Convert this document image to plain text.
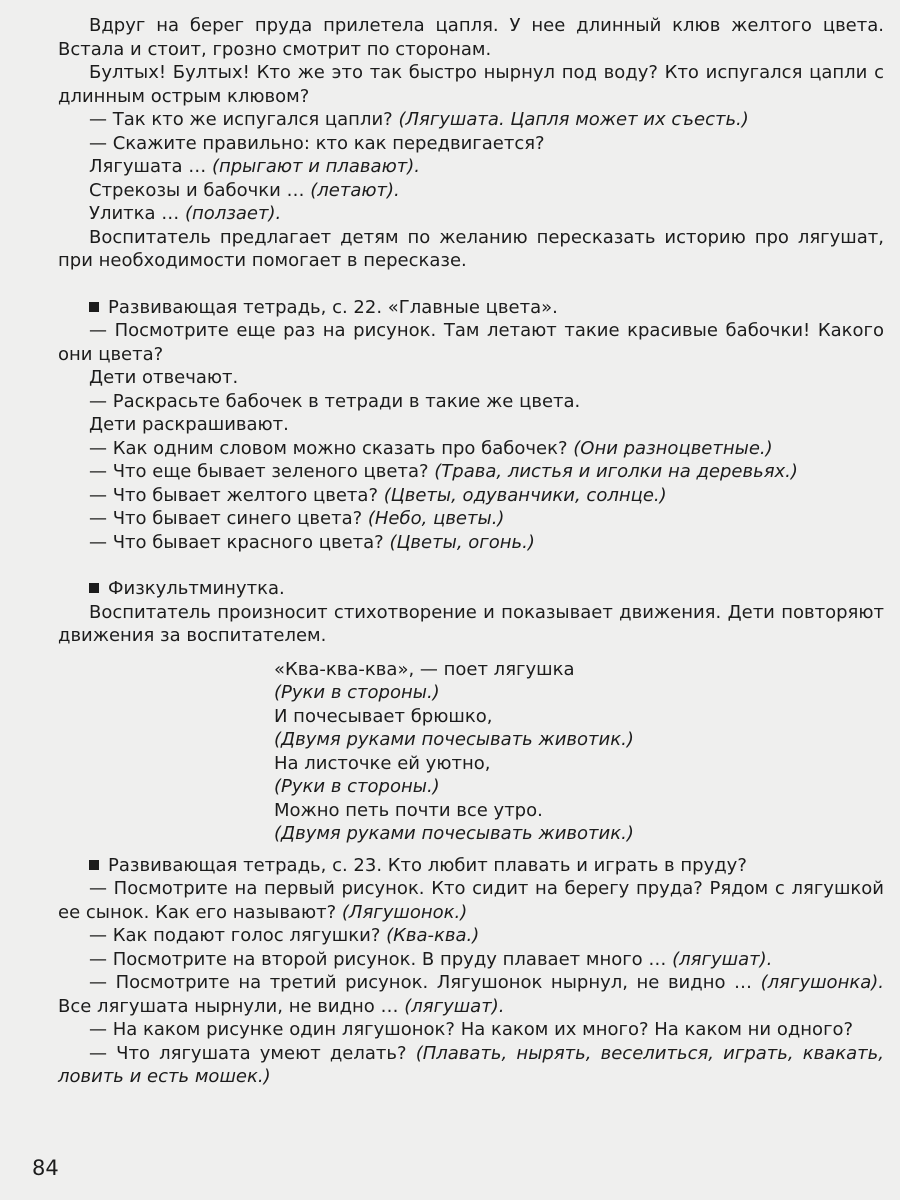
Вдруг на берег пруда прилетела цапля. У нее длинный клюв желтого цвета. Встала и стоит, грозно смотрит по сторонам.

Бултых! Бултых! Кто же это так быстро нырнул под воду? Кто испугался цапли с длинным острым клювом?

— Так кто же испугался цапли? (Лягушата. Цапля может их съесть.)

— Скажите правильно: кто как передвигается?

Лягушата … (прыгают и плавают).

Стрекозы и бабочки … (летают).

Улитка … (ползает).

Воспитатель предлагает детям по желанию пересказать историю про лягушат, при необходимости помогает в пересказе.

Развивающая тетрадь, с. 22. «Главные цвета».

— Посмотрите еще раз на рисунок. Там летают такие красивые бабочки! Какого они цвета?

Дети отвечают.

— Раскрасьте бабочек в тетради в такие же цвета.

Дети раскрашивают.

— Как одним словом можно сказать про бабочек? (Они разноцветные.)

— Что еще бывает зеленого цвета? (Трава, листья и иголки на деревьях.)

— Что бывает желтого цвета? (Цветы, одуванчики, солнце.)

— Что бывает синего цвета? (Небо, цветы.)

— Что бывает красного цвета? (Цветы, огонь.)

Физкультминутка.

Воспитатель произносит стихотворение и показывает движения. Дети повторяют движения за воспитателем.

«Ква-ква-ква», — поет лягушка
(Руки в стороны.)
И почесывает брюшко,
(Двумя руками почесывать животик.)
На листочке ей уютно,
(Руки в стороны.)
Можно петь почти все утро.
(Двумя руками почесывать животик.)

Развивающая тетрадь, с. 23. Кто любит плавать и играть в пруду?

— Посмотрите на первый рисунок. Кто сидит на берегу пруда? Рядом с лягушкой ее сынок. Как его называют? (Лягушонок.)

— Как подают голос лягушки? (Ква-ква.)

— Посмотрите на второй рисунок. В пруду плавает много … (лягушат).

— Посмотрите на третий рисунок. Лягушонок нырнул, не видно … (лягушонка). Все лягушата нырнули, не видно … (лягушат).

— На каком рисунке один лягушонок? На каком их много? На каком ни одного?

— Что лягушата умеют делать? (Плавать, нырять, веселиться, играть, квакать, ловить и есть мошек.)

84
